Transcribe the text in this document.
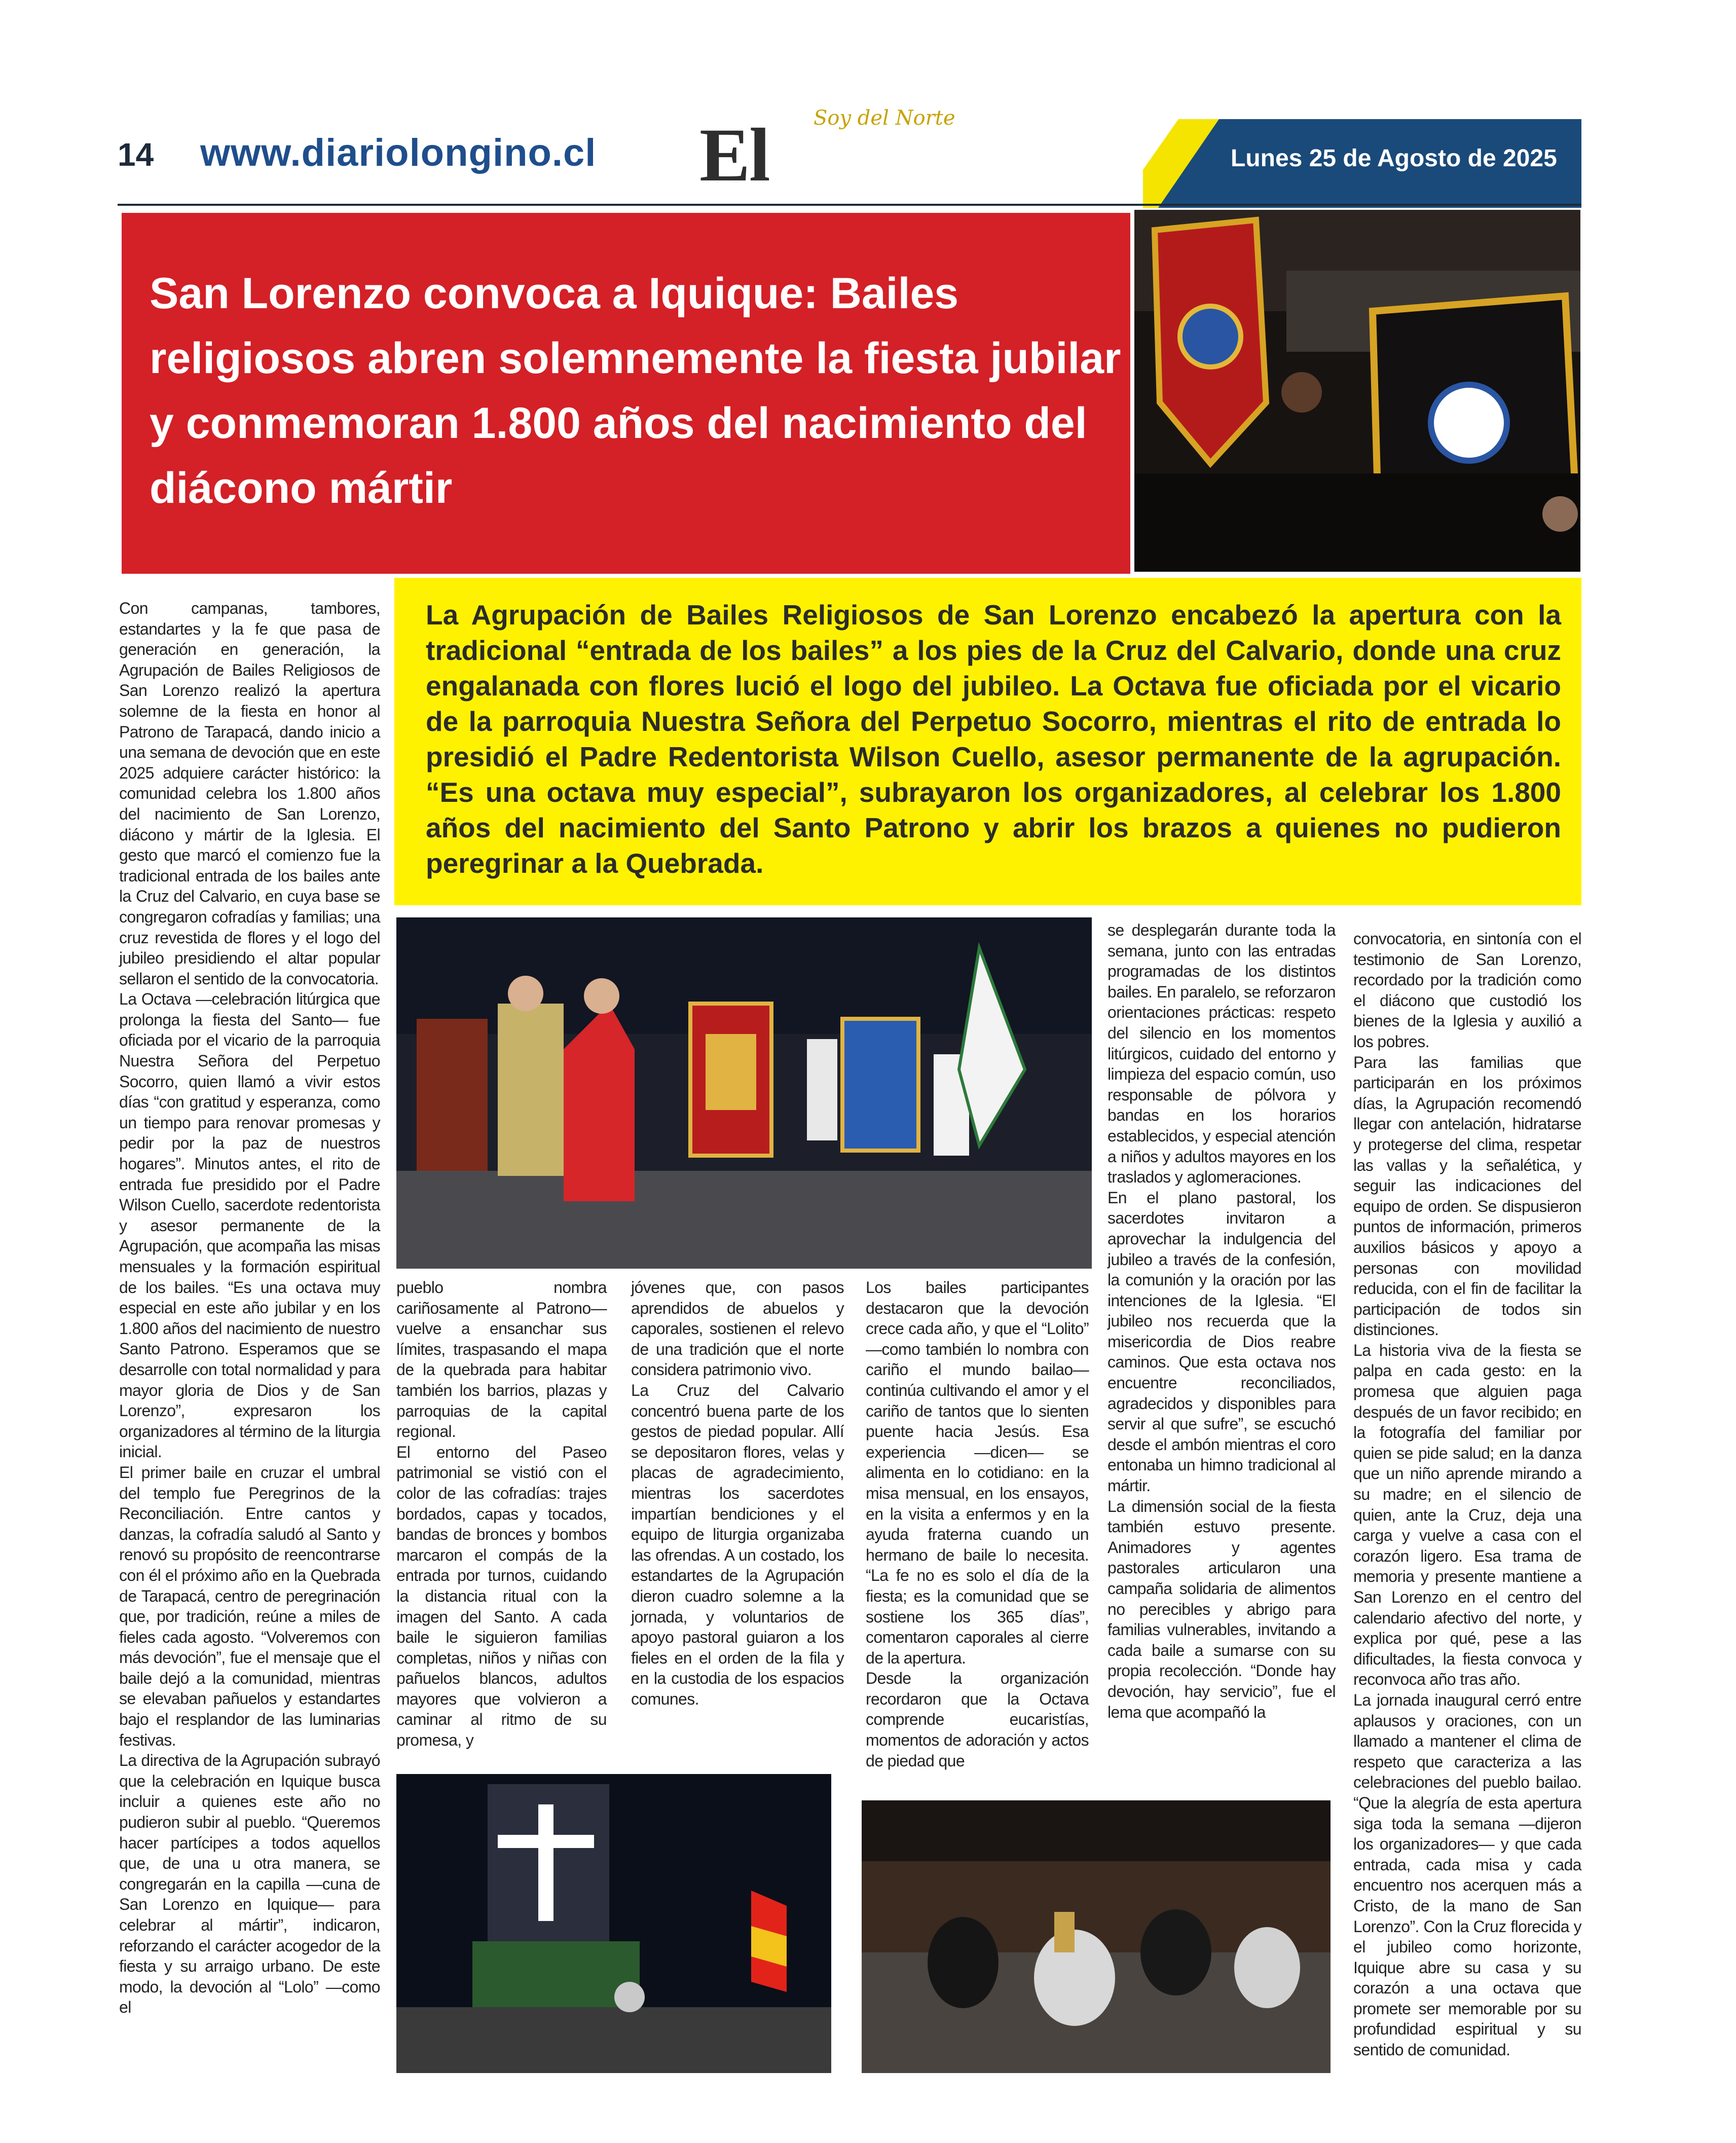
14 www.diariolongino.cl El	Soy del Norte
Lunes 25 de Agosto de 2025
San Lorenzo convoca a Iquique: Bailes religiosos abren solemnemente la fiesta jubilar y conmemoran 1.800 años del nacimiento del diácono mártir
La Agrupación de Bailes Religiosos de San Lorenzo encabezó la apertura con la tradicional “entrada de los bailes” a los pies de la Cruz del Calvario, donde una cruz engalanada con flores lució el logo del jubileo. La Octava fue oficiada por el vicario de la parroquia Nuestra Señora del Perpetuo Socorro, mientras el rito de entrada lo presidió el Padre Redentorista Wilson Cuello, asesor permanente de la agrupación. “Es una octava muy especial”, subrayaron los organizadores, al celebrar los 1.800 años del nacimiento del Santo Patrono y abrir los brazos a quienes no pudieron peregrinar a la Quebrada.

Con campanas, tambores, estandartes y la fe que pasa de generación en generación, la Agrupación de Bailes Religiosos de San Lorenzo realizó la apertura solemne de la fiesta en honor al Patrono de Tarapacá, dando inicio a una semana de devoción que en este 2025 adquiere carácter histórico: la comunidad celebra los 1.800 años del nacimiento de San Lorenzo, diácono y mártir de la Iglesia. El gesto que marcó el comienzo fue la tradicional entrada de los bailes ante la Cruz del Calvario, en cuya base se congregaron cofradías y familias; una cruz revestida de flores y el logo del jubileo presidiendo el altar popular sellaron el sentido de la convocatoria.

La Octava —celebración litúrgica que prolonga la fiesta del Santo— fue oficiada por el vicario de la parroquia Nuestra Señora del Perpetuo Socorro, quien llamó a vivir estos días “con gratitud y esperanza, como un tiempo para renovar promesas y pedir por la paz de nuestros hogares”. Minutos antes, el rito de entrada fue presidido por el Padre Wilson Cuello, sacerdote redentorista y asesor permanente de la Agrupación, que acompaña las misas mensuales y la formación espiritual de los bailes. “Es una octava muy especial en este año jubilar y en los 1.800 años del nacimiento de nuestro Santo Patrono. Esperamos que se desarrolle con total normalidad y para mayor gloria de Dios y de San Lorenzo”, expresaron los organizadores al término de la liturgia inicial.

El primer baile en cruzar el umbral del templo fue Peregrinos de la Reconciliación. Entre cantos y danzas, la cofradía saludó al Santo y renovó su propósito de reencontrarse con él el próximo año en la Quebrada de Tarapacá, centro de peregrinación que, por tradición, reúne a miles de fieles cada agosto. “Volveremos con más devoción”, fue el mensaje que el baile dejó a la comunidad, mientras se elevaban pañuelos y estandartes bajo el resplandor de las luminarias festivas.

La directiva de la Agrupación subrayó que la celebración en Iquique busca incluir a quienes este año no pudieron subir al pueblo. “Queremos hacer partícipes a todos aquellos que, de una u otra manera, se congregarán en la capilla —cuna de San Lorenzo en Iquique— para celebrar al mártir”, indicaron, reforzando el carácter acogedor de la fiesta y su arraigo urbano. De este modo, la devoción al “Lolo” —como el

pueblo nombra cariñosamente al Patrono— vuelve a ensanchar sus límites, traspasando el mapa de la quebrada para habitar también los barrios, plazas y parroquias de la capital regional.

El entorno del Paseo patrimonial se vistió con el color de las cofradías: trajes bordados, capas y tocados, bandas de bronces y bombos marcaron el compás de la entrada por turnos, cuidando la distancia ritual con la imagen del Santo. A cada baile le siguieron familias completas, niños y niñas con pañuelos blancos, adultos mayores que volvieron a caminar al ritmo de su promesa, y

jóvenes que, con pasos aprendidos de abuelos y caporales, sostienen el relevo de una tradición que el norte considera patrimonio vivo.

La Cruz del Calvario concentró buena parte de los gestos de piedad popular. Allí se depositaron flores, velas y placas de agradecimiento, mientras los sacerdotes impartían bendiciones y el equipo de liturgia organizaba las ofrendas. A un costado, los estandartes de la Agrupación dieron cuadro solemne a la jornada, y voluntarios de apoyo pastoral guiaron a los fieles en el orden de la fila y en la custodia de los espacios comunes.

Los bailes participantes destacaron que la devoción crece cada año, y que el “Lolito” —como también lo nombra con cariño el mundo bailao— continúa cultivando el amor y el cariño de tantos que lo sienten puente hacia Jesús. Esa experiencia —dicen— se alimenta en lo cotidiano: en la misa mensual, en los ensayos, en la visita a enfermos y en la ayuda fraterna cuando un hermano de baile lo necesita. “La fe no es solo el día de la fiesta; es la comunidad que se sostiene los 365 días”, comentaron caporales al cierre de la apertura.

Desde la organización recordaron que la Octava comprende eucaristías, momentos de adoración y actos de piedad que

se desplegarán durante toda la semana, junto con las entradas programadas de los distintos bailes. En paralelo, se reforzaron orientaciones prácticas: respeto del silencio en los momentos litúrgicos, cuidado del entorno y limpieza del espacio común, uso responsable de pólvora y bandas en los horarios establecidos, y especial atención a niños y adultos mayores en los traslados y aglomeraciones.

En el plano pastoral, los sacerdotes invitaron a aprovechar la indulgencia del jubileo a través de la confesión, la comunión y la oración por las intenciones de la Iglesia. “El jubileo nos recuerda que la misericordia de Dios reabre caminos. Que esta octava nos encuentre reconciliados, agradecidos y disponibles para servir al que sufre”, se escuchó desde el ambón mientras el coro entonaba un himno tradicional al mártir.

La dimensión social de la fiesta también estuvo presente. Animadores y agentes pastorales articularon una campaña solidaria de alimentos no perecibles y abrigo para familias vulnerables, invitando a cada baile a sumarse con su propia recolección. “Donde hay devoción, hay servicio”, fue el lema que acompañó la

convocatoria, en sintonía con el testimonio de San Lorenzo, recordado por la tradición como el diácono que custodió los bienes de la Iglesia y auxilió a los pobres.

Para las familias que participarán en los próximos días, la Agrupación recomendó llegar con antelación, hidratarse y protegerse del clima, respetar las vallas y la señalética, y seguir las indicaciones del equipo de orden. Se dispusieron puntos de información, primeros auxilios básicos y apoyo a personas con movilidad reducida, con el fin de facilitar la participación de todos sin distinciones.

La historia viva de la fiesta se palpa en cada gesto: en la promesa que alguien paga después de un favor recibido; en la fotografía del familiar por quien se pide salud; en la danza que un niño aprende mirando a su madre; en el silencio de quien, ante la Cruz, deja una carga y vuelve a casa con el corazón ligero. Esa trama de memoria y presente mantiene a San Lorenzo en el centro del calendario afectivo del norte, y explica por qué, pese a las dificultades, la fiesta convoca y reconvoca año tras año.

La jornada inaugural cerró entre aplausos y oraciones, con un llamado a mantener el clima de respeto que caracteriza a las celebraciones del pueblo bailao. “Que la alegría de esta apertura siga toda la semana —dijeron los organizadores— y que cada entrada, cada misa y cada encuentro nos acerquen más a Cristo, de la mano de San Lorenzo”. Con la Cruz florecida y el jubileo como horizonte, Iquique abre su casa y su corazón a una octava que promete ser memorable por su profundidad espiritual y su sentido de comunidad.
